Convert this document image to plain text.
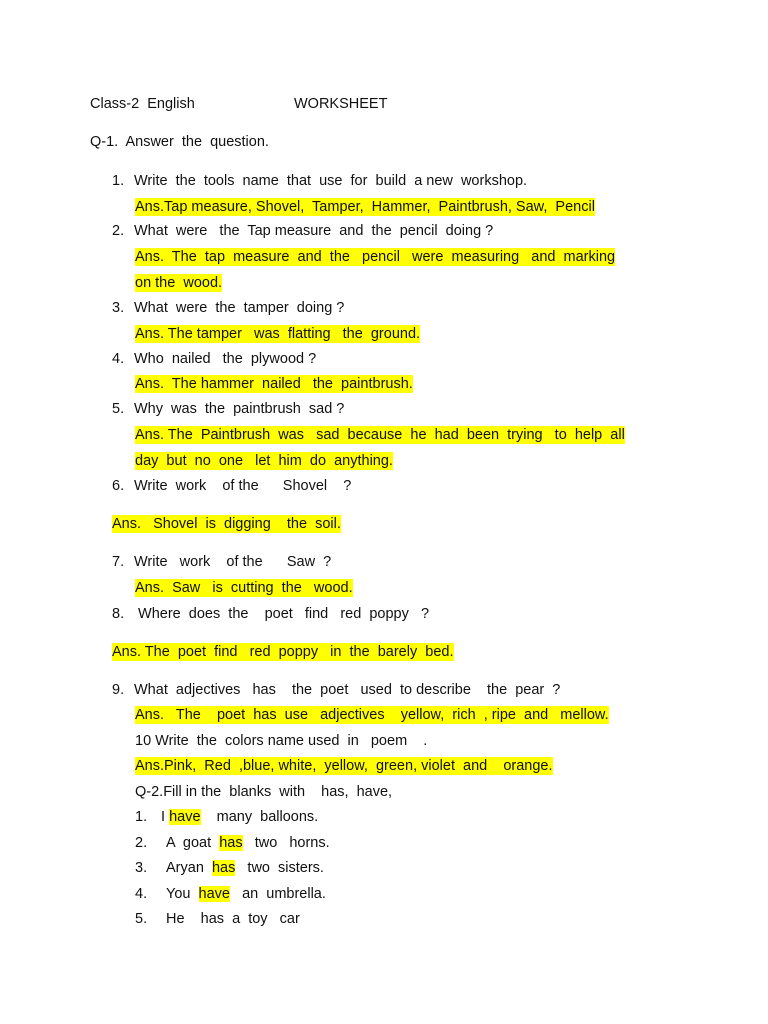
Class-2  English	WORKSHEET
Q-1.  Answer  the  question.
1. Write  the  tools  name  that  use  for  build  a new  workshop.
Ans.Tap measure, Shovel,  Tamper,  Hammer,  Paintbrush, Saw,  Pencil
2. What  were   the  Tap measure  and  the  pencil  doing ?
Ans.  The  tap  measure  and  the   pencil   were  measuring   and  marking
on the  wood.
3. What  were  the  tamper  doing ?
Ans. The tamper   was  flatting   the  ground.
4. Who  nailed   the  plywood ?
Ans.  The hammer  nailed   the  paintbrush.
5. Why  was  the  paintbrush  sad ?
Ans. The  Paintbrush  was   sad  because  he  had  been  trying   to  help  all
day  but  no  one   let  him  do  anything.
6. Write  work    of the      Shovel    ?
Ans.   Shovel  is  digging    the  soil.
7. Write   work    of the      Saw  ?
Ans.  Saw   is  cutting  the   wood.
8. Where  does  the    poet   find   red  poppy   ?
Ans. The  poet  find   red  poppy   in  the  barely  bed.
9. What  adjectives   has    the  poet   used  to describe    the  pear  ?
Ans.   The    poet  has  use   adjectives    yellow,  rich  , ripe  and   mellow.
10 Write  the  colors name used  in   poem    .
Ans.Pink,  Red  ,blue, white,  yellow,  green, violet  and    orange.
Q-2.Fill in the  blanks  with    has,  have,
1. I have    many  balloons.
2. A  goat  has   two   horns.
3. Aryan  has   two  sisters.
4. You  have   an  umbrella.
5. He    has  a  toy   car
